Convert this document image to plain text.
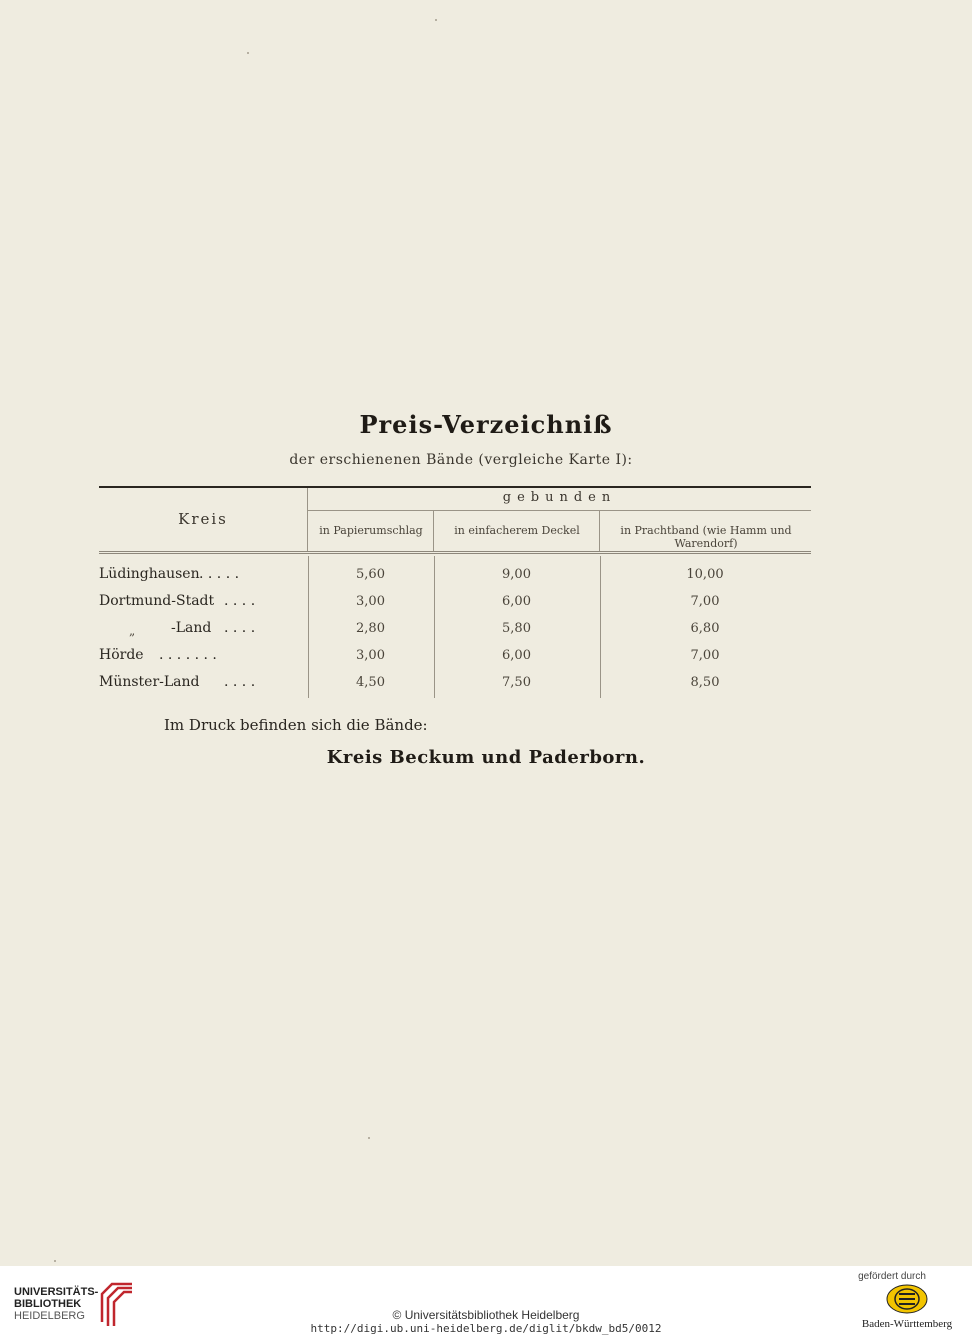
Preis-Verzeichniß
der erschienenen Bände (vergleiche Karte I):
Kreis
gebunden
in Papierumschlag	in einfacherem Deckel	in Prachtband (wie Hamm und Warendorf)
Lüdinghausen . . . . .	5,60	9,00	10,00
Dortmund-Stadt . . . .	3,00	6,00	7,00
„	-Land . . . .	2,80	5,80	6,80
Hörde	. . . . . . .	3,00	6,00	7,00
Münster-Land	. . . .	4,50	7,50	8,50
Im Druck befinden sich die Bände:
Kreis Beckum und Paderborn.
UNIVERSITÄTS-
BIBLIOTHEK
HEIDELBERG	© Universitätsbibliothek Heidelberg
http://digi.ub.uni-heidelberg.de/diglit/bkdw_bd5/0012
gefördert durch
Baden-Württemberg
